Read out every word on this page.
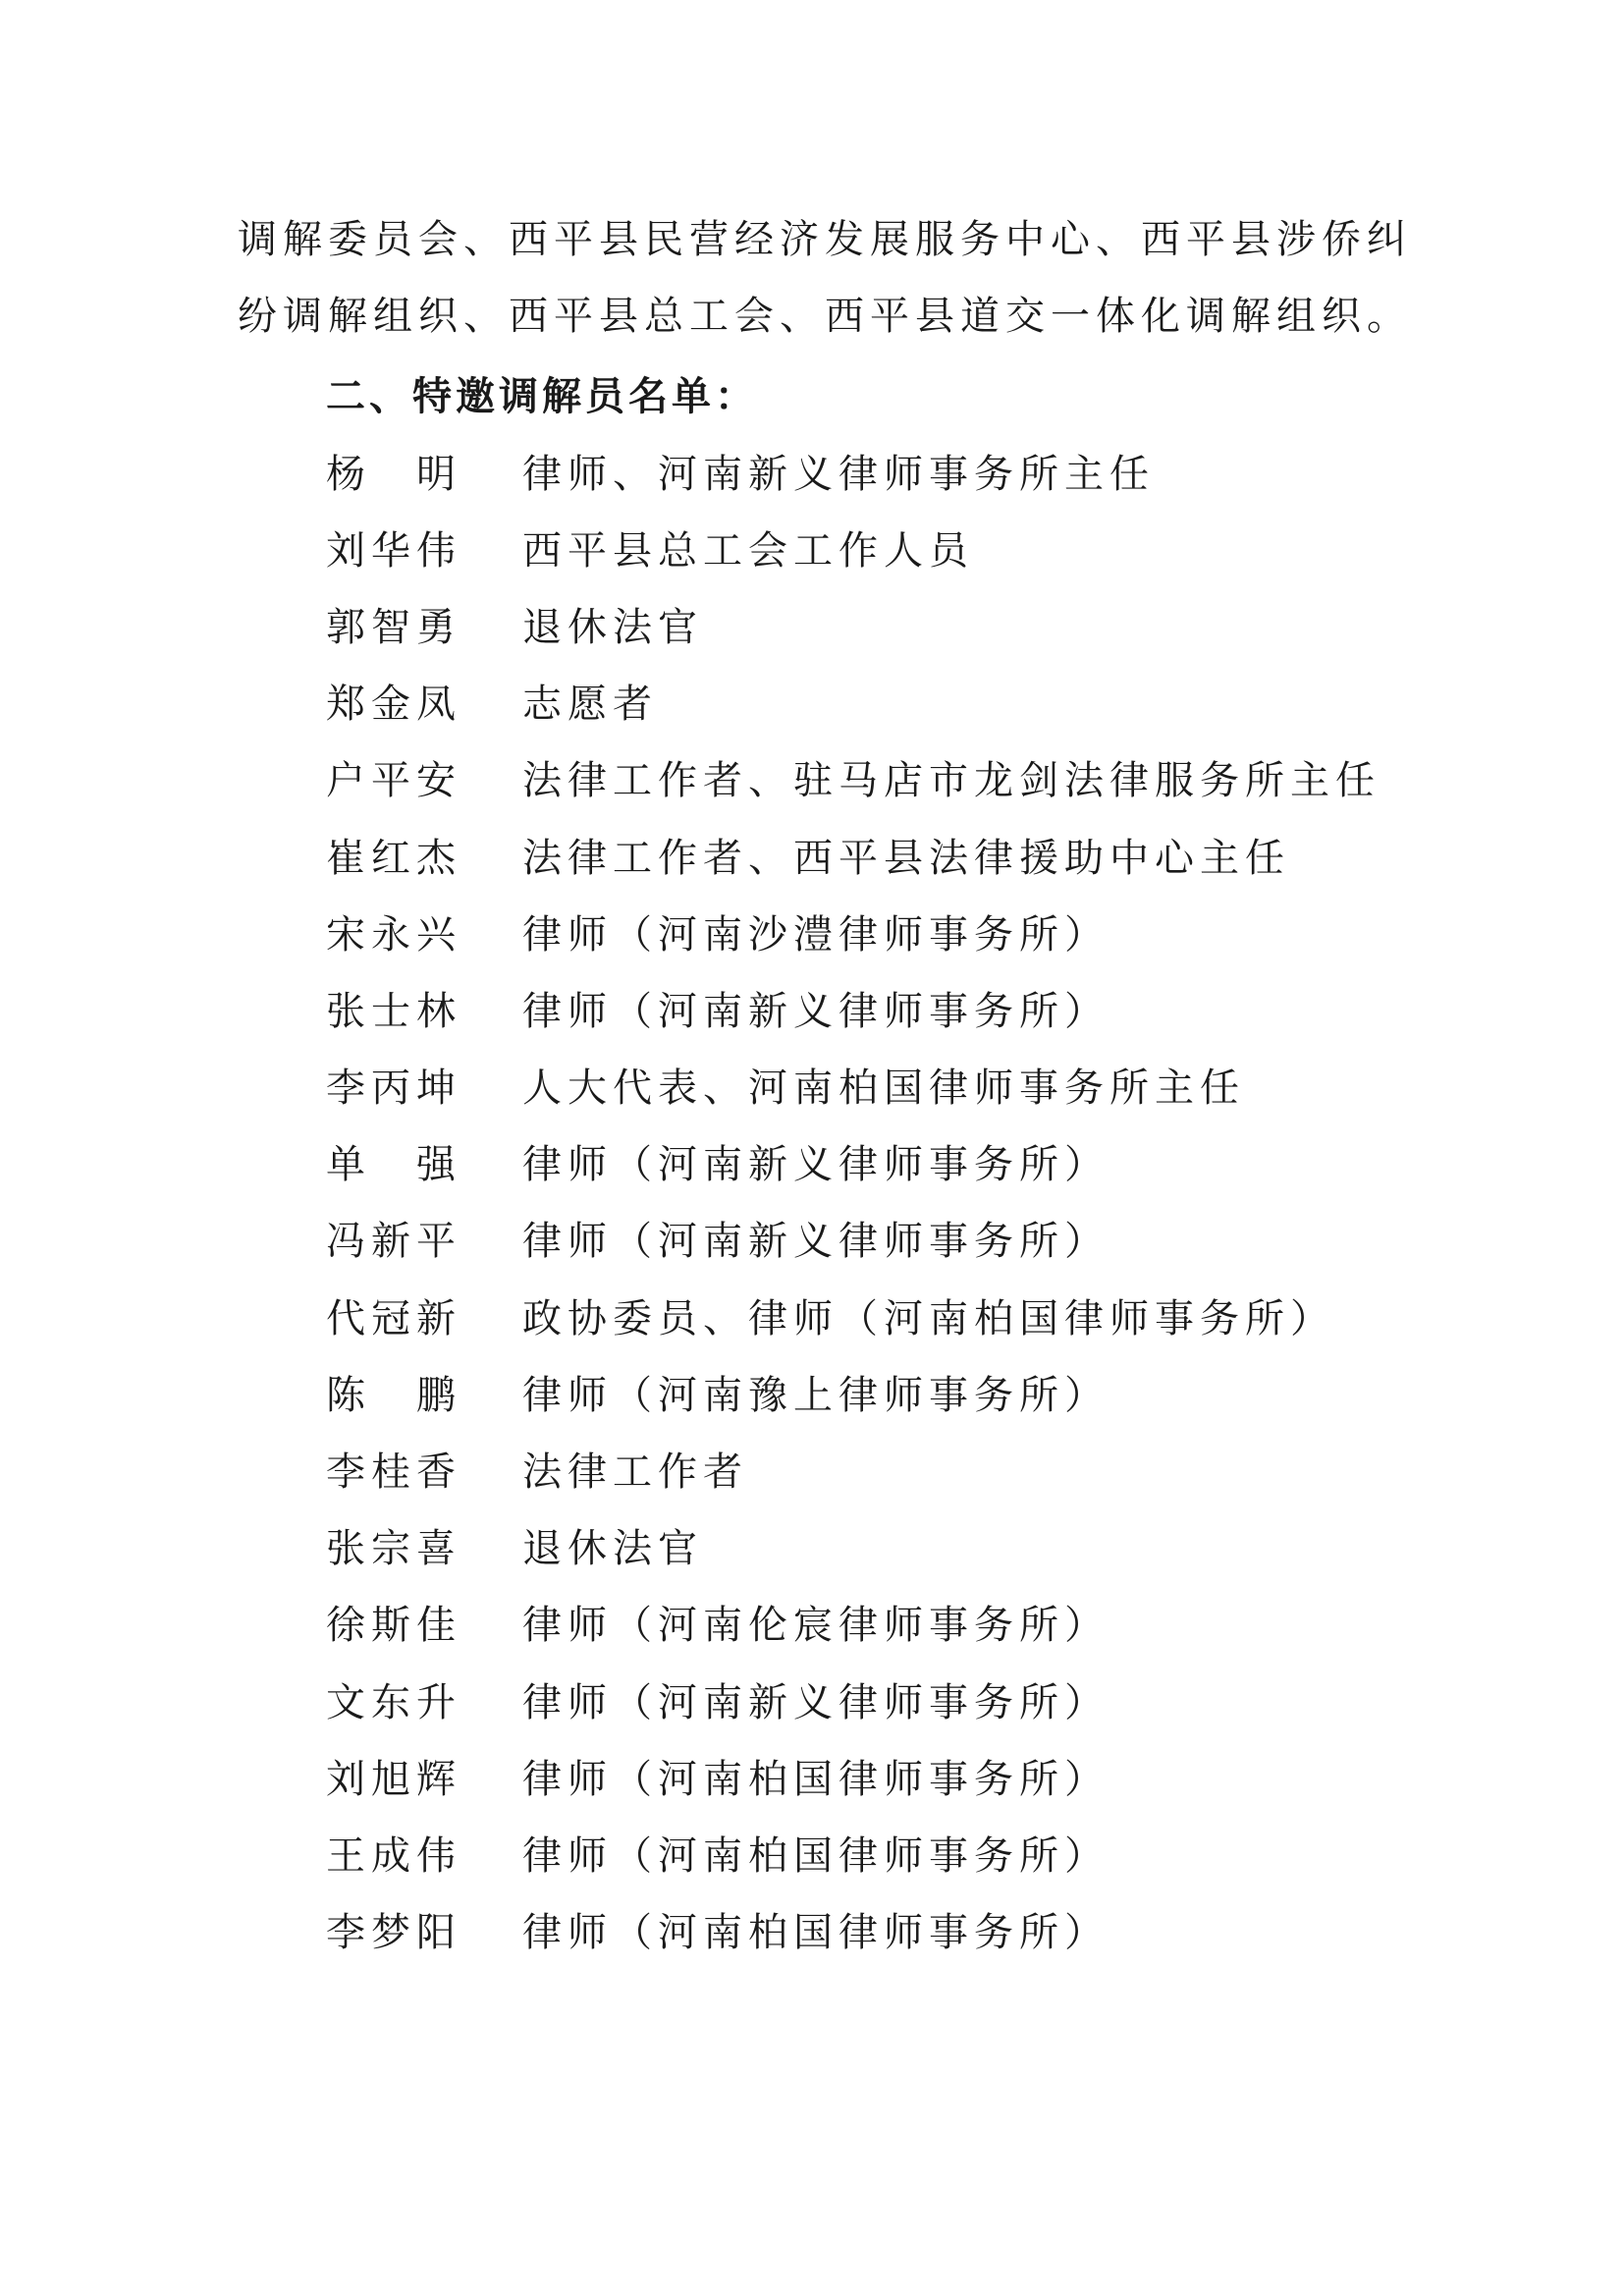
调解委员会、西平县民营经济发展服务中心、西平县涉侨纠
纷调解组织、西平县总工会、西平县道交一体化调解组织。

二、特邀调解员名单：
杨　明	律师、河南新义律师事务所主任
刘华伟	西平县总工会工作人员
郭智勇	退休法官
郑金凤	志愿者
户平安	法律工作者、驻马店市龙剑法律服务所主任
崔红杰	法律工作者、西平县法律援助中心主任
宋永兴	律师（河南沙澧律师事务所）
张士林	律师（河南新义律师事务所）
李丙坤	人大代表、河南柏国律师事务所主任
单　强	律师（河南新义律师事务所）
冯新平	律师（河南新义律师事务所）
代冠新	政协委员、律师（河南柏国律师事务所）
陈　鹏	律师（河南豫上律师事务所）
李桂香	法律工作者
张宗喜	退休法官
徐斯佳	律师（河南伦宸律师事务所）
文东升	律师（河南新义律师事务所）
刘旭辉	律师（河南柏国律师事务所）
王成伟	律师（河南柏国律师事务所）
李梦阳	律师（河南柏国律师事务所）
